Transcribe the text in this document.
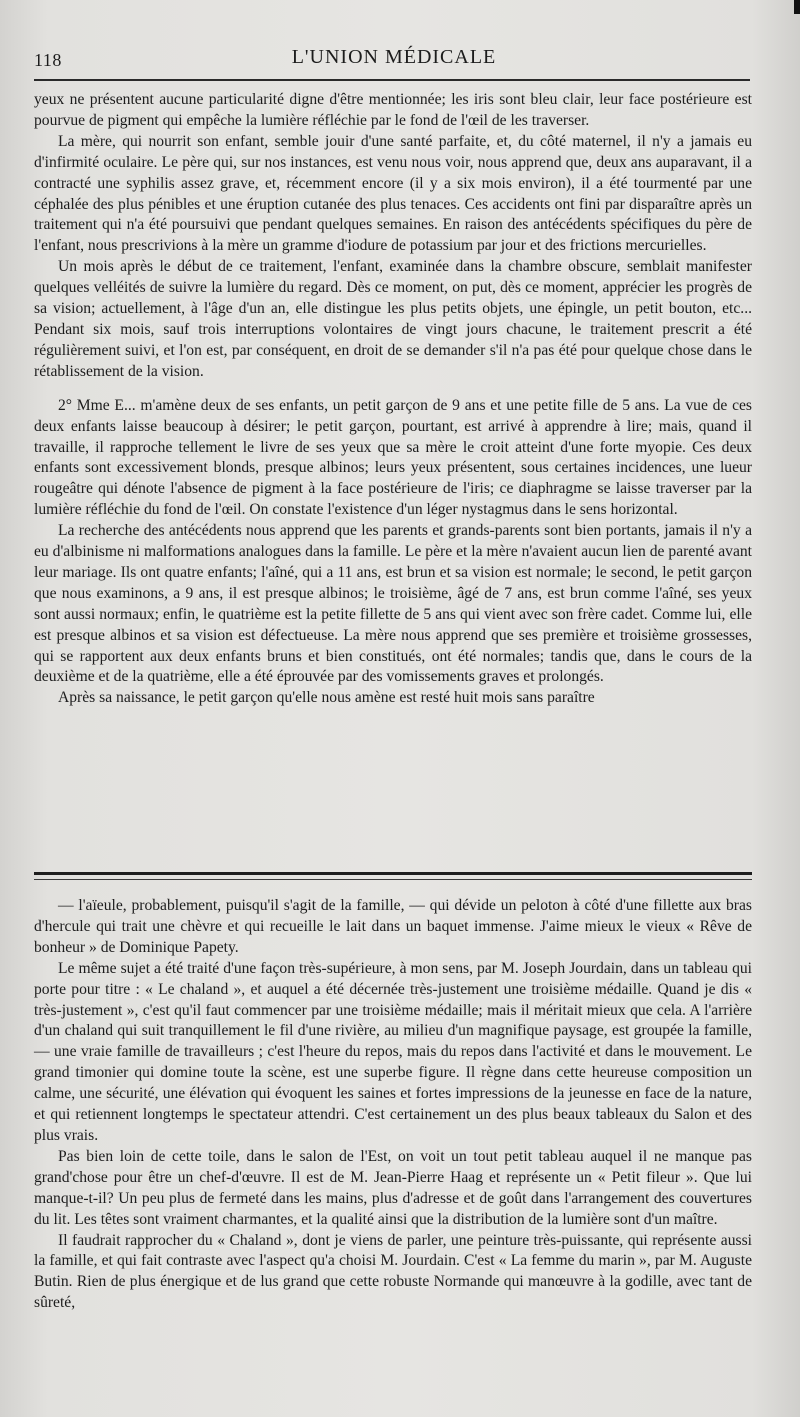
118	L'UNION MÉDICALE

yeux ne présentent aucune particularité digne d'être mentionnée; les iris sont bleu clair, leur face postérieure est pourvue de pigment qui empêche la lumière réfléchie par le fond de l'œil de les traverser.

La mère, qui nourrit son enfant, semble jouir d'une santé parfaite, et, du côté maternel, il n'y a jamais eu d'infirmité oculaire. Le père qui, sur nos instances, est venu nous voir, nous apprend que, deux ans auparavant, il a contracté une syphilis assez grave, et, récemment encore (il y a six mois environ), il a été tourmenté par une céphalée des plus pénibles et une éruption cutanée des plus tenaces. Ces accidents ont fini par disparaître après un traitement qui n'a été poursuivi que pendant quelques semaines. En raison des antécédents spécifiques du père de l'enfant, nous prescrivions à la mère un gramme d'iodure de potassium par jour et des frictions mercurielles.

Un mois après le début de ce traitement, l'enfant, examinée dans la chambre obscure, semblait manifester quelques velléités de suivre la lumière du regard. Dès ce moment, on put, dès ce moment, apprécier les progrès de sa vision; actuellement, à l'âge d'un an, elle distingue les plus petits objets, une épingle, un petit bouton, etc... Pendant six mois, sauf trois interruptions volontaires de vingt jours chacune, le traitement prescrit a été régulièrement suivi, et l'on est, par conséquent, en droit de se demander s'il n'a pas été pour quelque chose dans le rétablissement de la vision.

2° Mme E... m'amène deux de ses enfants, un petit garçon de 9 ans et une petite fille de 5 ans. La vue de ces deux enfants laisse beaucoup à désirer; le petit garçon, pourtant, est arrivé à apprendre à lire; mais, quand il travaille, il rapproche tellement le livre de ses yeux que sa mère le croit atteint d'une forte myopie. Ces deux enfants sont excessivement blonds, presque albinos; leurs yeux présentent, sous certaines incidences, une lueur rougeâtre qui dénote l'absence de pigment à la face postérieure de l'iris; ce diaphragme se laisse traverser par la lumière réfléchie du fond de l'œil. On constate l'existence d'un léger nystagmus dans le sens horizontal.

La recherche des antécédents nous apprend que les parents et grands-parents sont bien portants, jamais il n'y a eu d'albinisme ni malformations analogues dans la famille. Le père et la mère n'avaient aucun lien de parenté avant leur mariage. Ils ont quatre enfants; l'aîné, qui a 11 ans, est brun et sa vision est normale; le second, le petit garçon que nous examinons, a 9 ans, il est presque albinos; le troisième, âgé de 7 ans, est brun comme l'aîné, ses yeux sont aussi normaux; enfin, le quatrième est la petite fillette de 5 ans qui vient avec son frère cadet. Comme lui, elle est presque albinos et sa vision est défectueuse. La mère nous apprend que ses première et troisième grossesses, qui se rapportent aux deux enfants bruns et bien constitués, ont été normales; tandis que, dans le cours de la deuxième et de la quatrième, elle a été éprouvée par des vomissements graves et prolongés.

Après sa naissance, le petit garçon qu'elle nous amène est resté huit mois sans paraître

— l'aïeule, probablement, puisqu'il s'agit de la famille, — qui dévide un peloton à côté d'une fillette aux bras d'hercule qui trait une chèvre et qui recueille le lait dans un baquet immense. J'aime mieux le vieux « Rêve de bonheur » de Dominique Papety.

Le même sujet a été traité d'une façon très-supérieure, à mon sens, par M. Joseph Jourdain, dans un tableau qui porte pour titre : « Le chaland », et auquel a été décernée très-justement une troisième médaille. Quand je dis « très-justement », c'est qu'il faut commencer par une troisième médaille; mais il méritait mieux que cela. A l'arrière d'un chaland qui suit tranquillement le fil d'une rivière, au milieu d'un magnifique paysage, est groupée la famille, — une vraie famille de travailleurs ; c'est l'heure du repos, mais du repos dans l'activité et dans le mouvement. Le grand timonier qui domine toute la scène, est une superbe figure. Il règne dans cette heureuse composition un calme, une sécurité, une élévation qui évoquent les saines et fortes impressions de la jeunesse en face de la nature, et qui retiennent longtemps le spectateur attendri. C'est certainement un des plus beaux tableaux du Salon et des plus vrais.

Pas bien loin de cette toile, dans le salon de l'Est, on voit un tout petit tableau auquel il ne manque pas grand'chose pour être un chef-d'œuvre. Il est de M. Jean-Pierre Haag et représente un « Petit fileur ». Que lui manque-t-il? Un peu plus de fermeté dans les mains, plus d'adresse et de goût dans l'arrangement des couvertures du lit. Les têtes sont vraiment charmantes, et la qualité ainsi que la distribution de la lumière sont d'un maître.

Il faudrait rapprocher du « Chaland », dont je viens de parler, une peinture très-puissante, qui représente aussi la famille, et qui fait contraste avec l'aspect qu'a choisi M. Jourdain. C'est « La femme du marin », par M. Auguste Butin. Rien de plus énergique et de lus grand que cette robuste Normande qui manœuvre à la godille, avec tant de sûreté,
